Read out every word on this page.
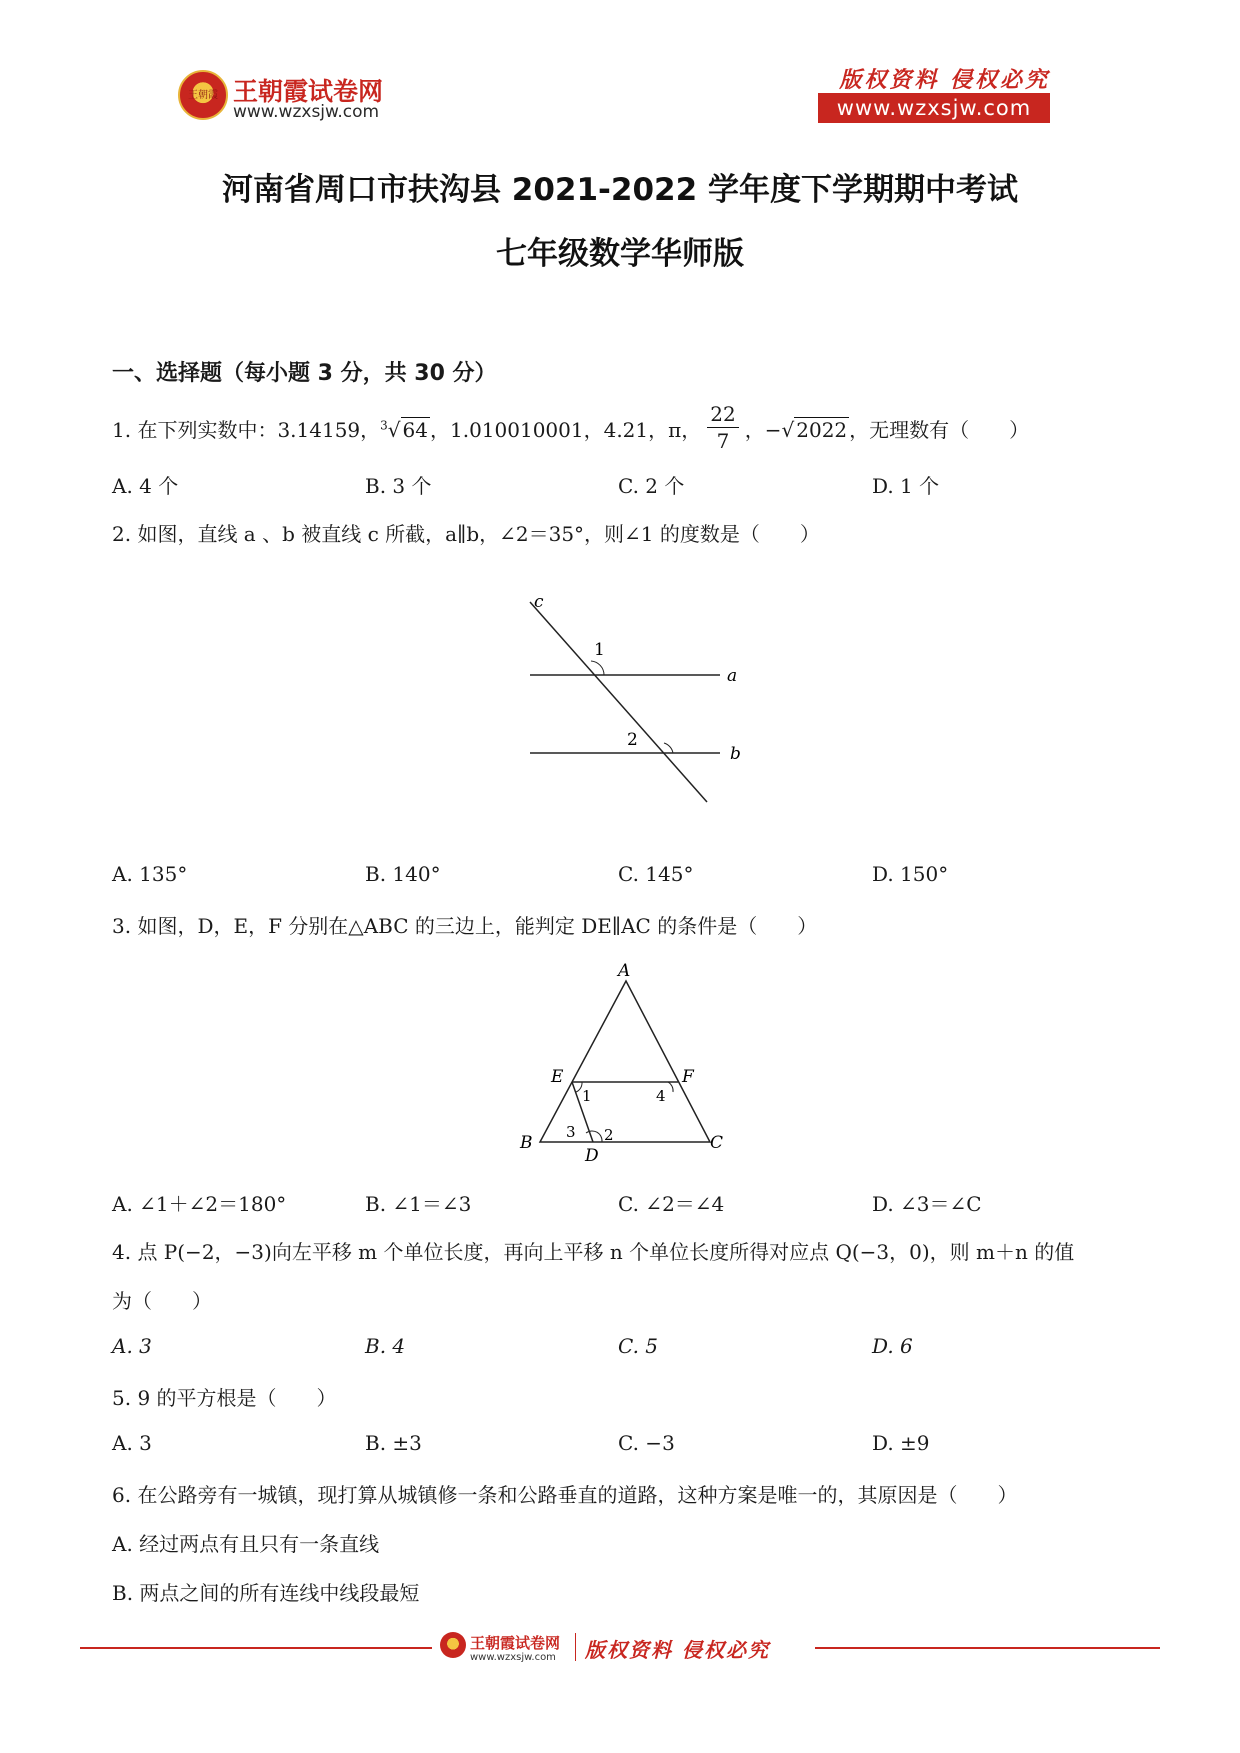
王朝霞 王朝霞试卷网
www.wzxsjw.com
版权资料 侵权必究
www.wzxsjw.com
河南省周口市扶沟县 2021-2022 学年度下学期期中考试
七年级数学华师版
一、选择题（每小题 3 分，共 30 分）
1. 在下列实数中：3.14159，$^3$√ 64 ，1.010010001，4.21，π， $\frac{22}{7}$ ，−√ 2022 ，无理数有（　　）
A. 4 个	B. 3 个	C. 2 个	D. 1 个
2. 如图，直线 a 、b 被直线 c 所截，a∥b，∠2＝35°，则∠1 的度数是（　　）
c
a
b
1
2
A. 135°	B. 140°	C. 145°	D. 150°
3. 如图，D，E，F 分别在△ABC 的三边上，能判定 DE∥AC 的条件是（　　）
A
B	C
D
E	F
1
2
3
4
A. ∠1＋∠2＝180°	B. ∠1＝∠3	C. ∠2＝∠4	D. ∠3＝∠C
4. 点 P(−2，−3)向左平移 m 个单位长度，再向上平移 n 个单位长度所得对应点 Q(−3，0)，则 m＋n 的值
为（　　）
A. 3	B. 4	C. 5	D. 6
5. 9 的平方根是（　　）
A. 3	B. ±3	C. −3	D. ±9
6. 在公路旁有一城镇，现打算从城镇修一条和公路垂直的道路，这种方案是唯一的，其原因是（　　）
A. 经过两点有且只有一条直线
B. 两点之间的所有连线中线段最短
王朝霞试卷网
www.wzxsjw.com 版权资料 侵权必究
